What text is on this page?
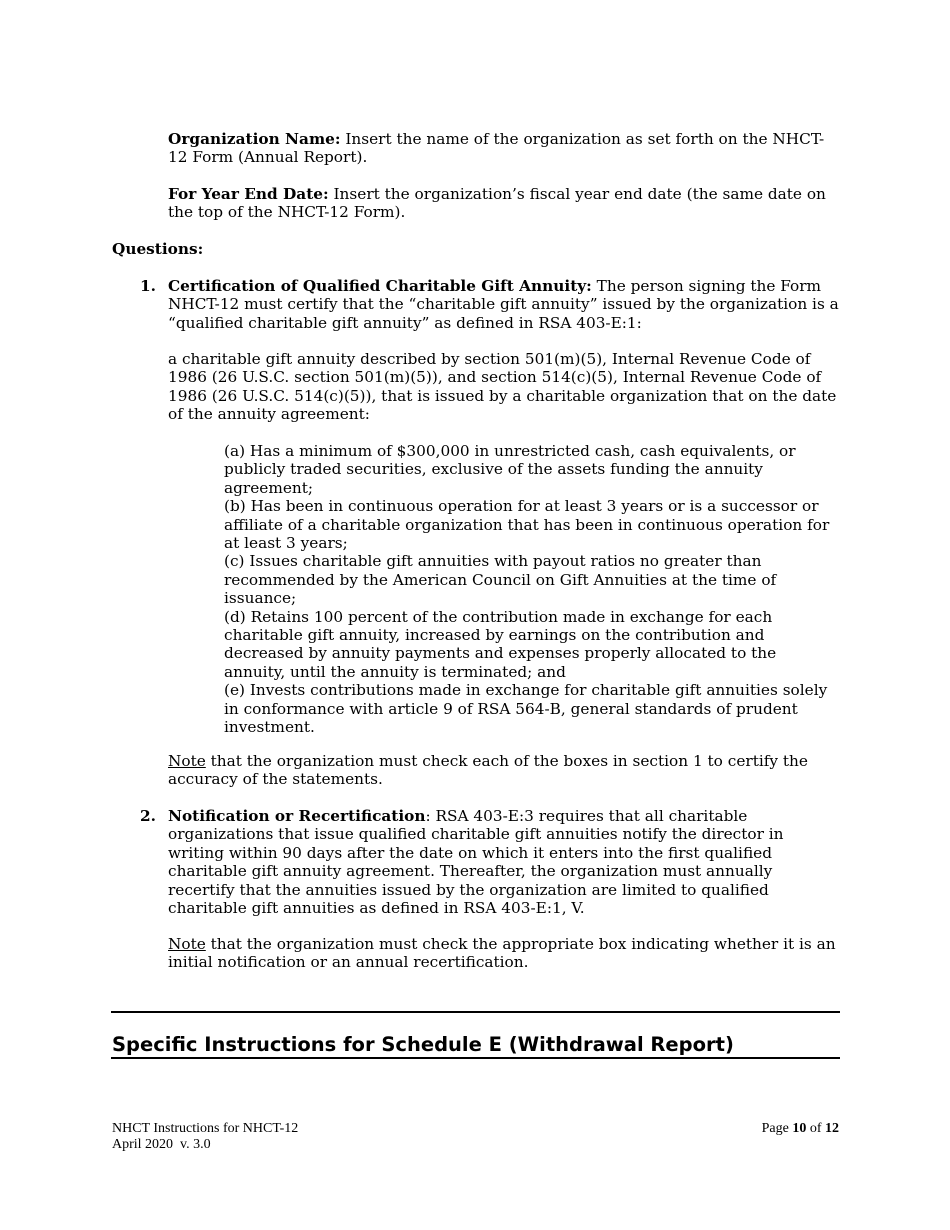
Organization Name: Insert the name of the organization as set forth on the NHCT-12 Form (Annual Report).

For Year End Date: Insert the organization’s fiscal year end date (the same date on the top of the NHCT-12 Form).

Questions:

1. Certification of Qualified Charitable Gift Annuity: The person signing the Form NHCT-12 must certify that the “charitable gift annuity” issued by the organization is a “qualified charitable gift annuity” as defined in RSA 403-E:1:

a charitable gift annuity described by section 501(m)(5), Internal Revenue Code of 1986 (26 U.S.C. section 501(m)(5)), and section 514(c)(5), Internal Revenue Code of 1986 (26 U.S.C. 514(c)(5)), that is issued by a charitable organization that on the date of the annuity agreement:

(a) Has a minimum of $300,000 in unrestricted cash, cash equivalents, or publicly traded securities, exclusive of the assets funding the annuity agreement;
(b) Has been in continuous operation for at least 3 years or is a successor or affiliate of a charitable organization that has been in continuous operation for at least 3 years;
(c) Issues charitable gift annuities with payout ratios no greater than recommended by the American Council on Gift Annuities at the time of issuance;
(d) Retains 100 percent of the contribution made in exchange for each charitable gift annuity, increased by earnings on the contribution and decreased by annuity payments and expenses properly allocated to the annuity, until the annuity is terminated; and
(e) Invests contributions made in exchange for charitable gift annuities solely in conformance with article 9 of RSA 564-B, general standards of prudent investment.

Note that the organization must check each of the boxes in section 1 to certify the accuracy of the statements.

2. Notification or Recertification: RSA 403-E:3 requires that all charitable organizations that issue qualified charitable gift annuities notify the director in writing within 90 days after the date on which it enters into the first qualified charitable gift annuity agreement. Thereafter, the organization must annually recertify that the annuities issued by the organization are limited to qualified charitable gift annuities as defined in RSA 403-E:1, V.

Note that the organization must check the appropriate box indicating whether it is an initial notification or an annual recertification.

Specific Instructions for Schedule E (Withdrawal Report)
NHCT Instructions for NHCT-12
April 2020  v. 3.0
Page 10 of 12
